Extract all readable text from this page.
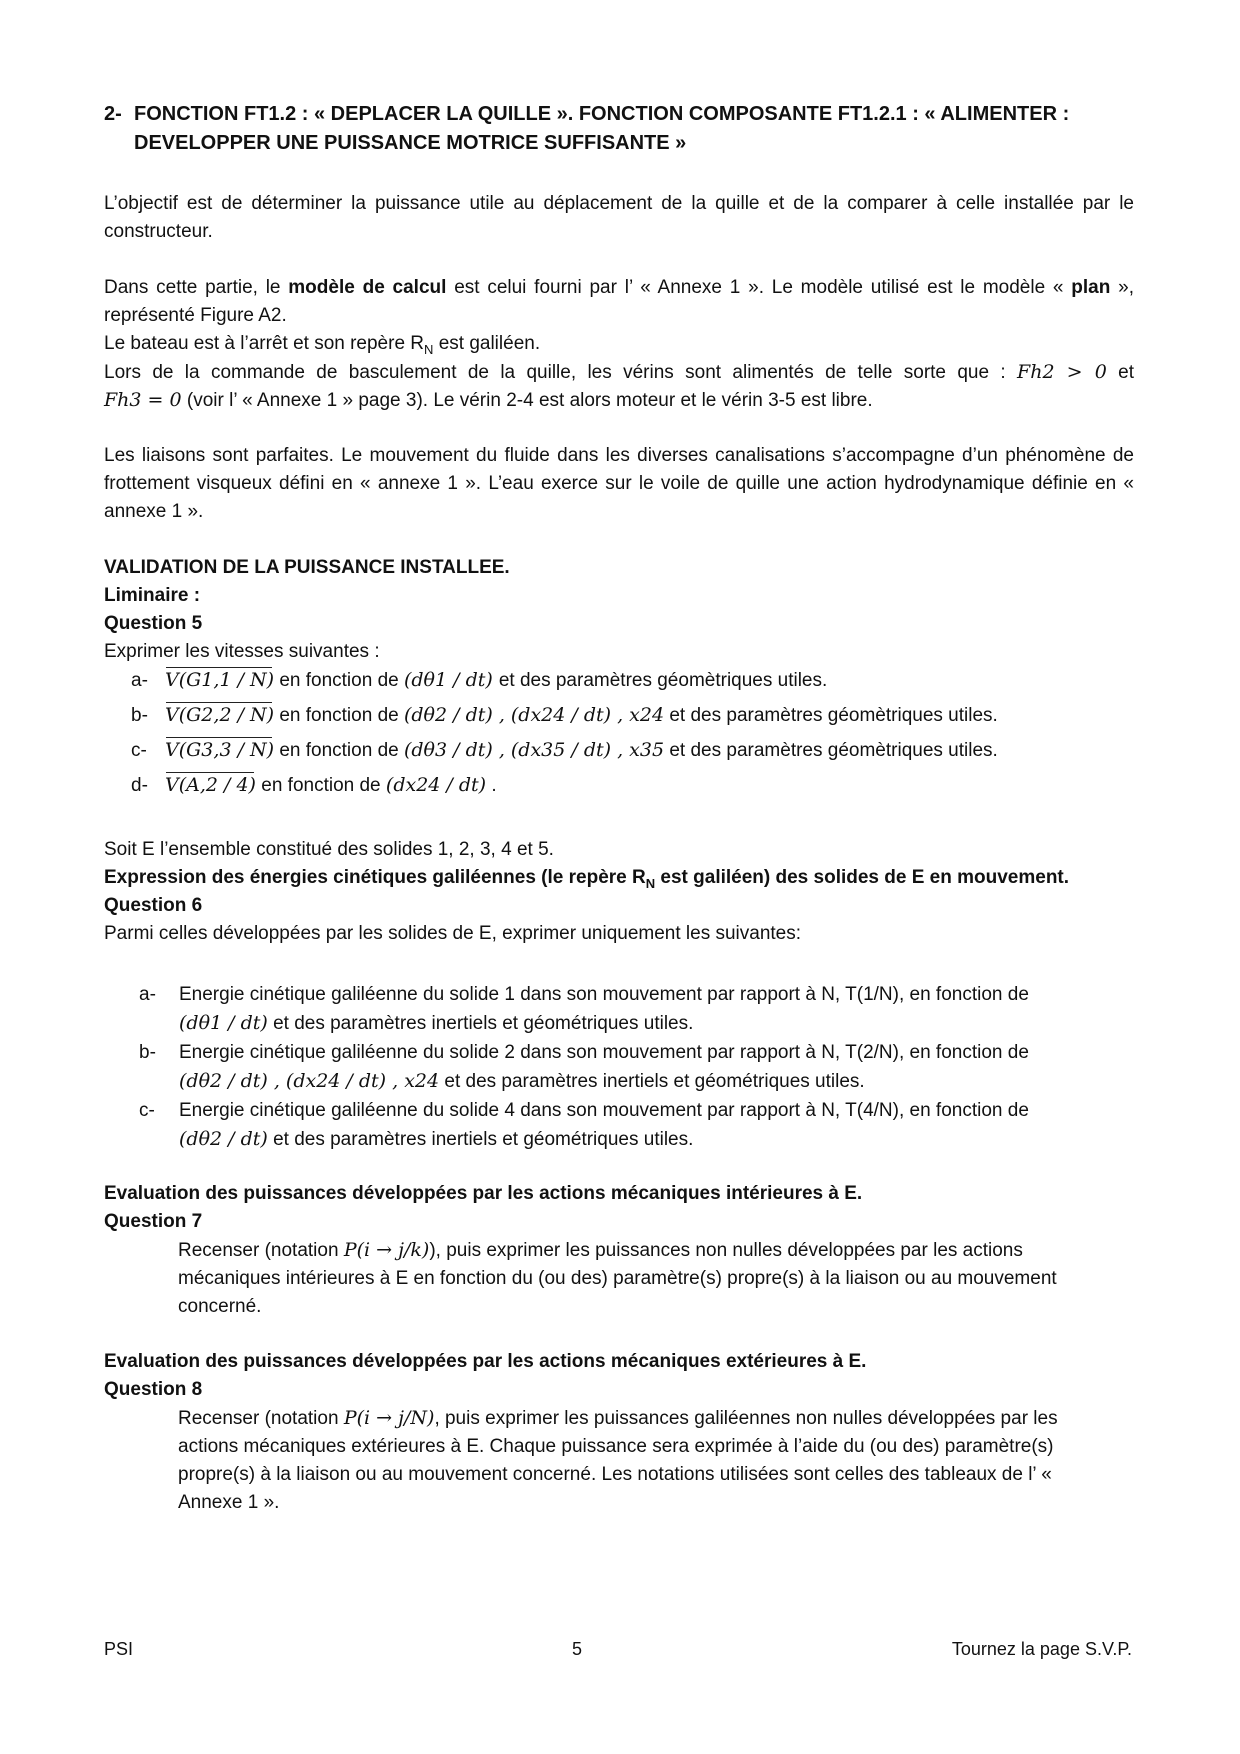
2- FONCTION FT1.2 : « DEPLACER LA QUILLE ». FONCTION COMPOSANTE FT1.2.1 : « ALIMENTER : DEVELOPPER UNE PUISSANCE MOTRICE SUFFISANTE »
L’objectif est de déterminer la puissance utile au déplacement de la quille et de la comparer à celle installée par le constructeur.
Dans cette partie, le modèle de calcul est celui fourni par l’ « Annexe 1 ». Le modèle utilisé est le modèle « plan », représenté Figure A2.
Le bateau est à l’arrêt et son repère $R_N$ est galiléen.
Lors de la commande de basculement de la quille, les vérins sont alimentés de telle sorte que : Fh2 > 0 et
Fh3 = 0 (voir l’ « Annexe 1 » page 3). Le vérin 2-4 est alors moteur et le vérin 3-5 est libre.
Les liaisons sont parfaites. Le mouvement du fluide dans les diverses canalisations s’accompagne d’un phénomène de frottement visqueux défini en « annexe 1 ». L’eau exerce sur le voile de quille une action hydrodynamique définie en « annexe 1 ».
VALIDATION DE LA PUISSANCE INSTALLEE.
Liminaire :
Question 5
Exprimer les vitesses suivantes :
a- V(G1,1 / N) en fonction de (dθ1 / dt) et des paramètres géomètriques utiles.
b- V(G2,2 / N) en fonction de (dθ2 / dt) , (dx24 / dt) , x24 et des paramètres géomètriques utiles.
c- V(G3,3 / N) en fonction de (dθ3 / dt) , (dx35 / dt) , x35 et des paramètres géomètriques utiles.
d- V(A,2 / 4) en fonction de (dx24 / dt) .
Soit E l’ensemble constitué des solides 1, 2, 3, 4 et 5.
Expression des énergies cinétiques galiléennes (le repère $R_N$ est galiléen) des solides de E en mouvement.
Question 6
Parmi celles développées par les solides de E, exprimer uniquement les suivantes:
a- Energie cinétique galiléenne du solide 1 dans son mouvement par rapport à N, T(1/N), en fonction de
(dθ1 / dt) et des paramètres inertiels et géométriques utiles.
b- Energie cinétique galiléenne du solide 2 dans son mouvement par rapport à N, T(2/N), en fonction de
(dθ2 / dt) , (dx24 / dt) , x24 et des paramètres inertiels et géométriques utiles.
c- Energie cinétique galiléenne du solide 4 dans son mouvement par rapport à N, T(4/N), en fonction de
(dθ2 / dt) et des paramètres inertiels et géométriques utiles.
Evaluation des puissances développées par les actions mécaniques intérieures à E.
Question 7
Recenser (notation P(i → j/k)), puis exprimer les puissances non nulles développées par les actions mécaniques intérieures à E en fonction du (ou des) paramètre(s) propre(s) à la liaison ou au mouvement concerné.
Evaluation des puissances développées par les actions mécaniques extérieures à E.
Question 8
Recenser (notation P(i → j/N), puis exprimer les puissances galiléennes non nulles développées par les actions mécaniques extérieures à E. Chaque puissance sera exprimée à l’aide du (ou des) paramètre(s) propre(s) à la liaison ou au mouvement concerné. Les notations utilisées sont celles des tableaux de l’ « Annexe 1 ».
PSI	5	Tournez la page S.V.P.
